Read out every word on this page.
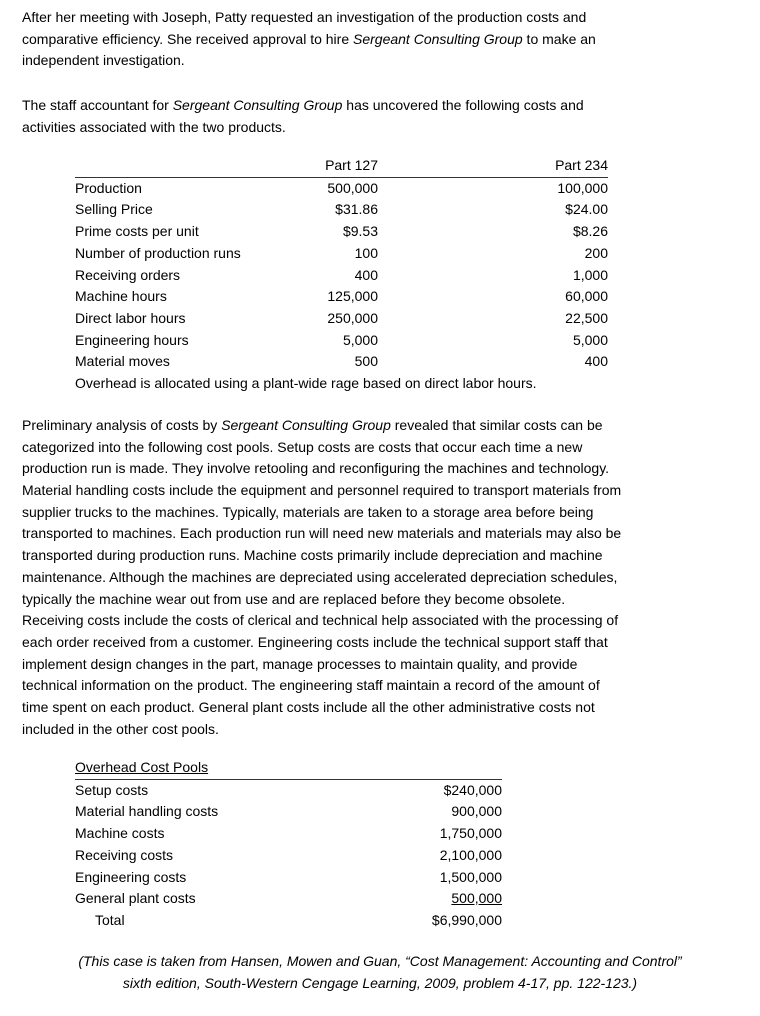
After her meeting with Joseph, Patty requested an investigation of the production costs and
comparative efficiency. She received approval to hire Sergeant Consulting Group to make an
independent investigation.
The staff accountant for Sergeant Consulting Group has uncovered the following costs and
activities associated with the two products.
	Part 127	Part 234
Production	500,000	100,000
Selling Price	$31.86	$24.00
Prime costs per unit	$9.53	$8.26
Number of production runs	100	200
Receiving orders	400	1,000
Machine hours	125,000	60,000
Direct labor hours	250,000	22,500
Engineering hours	5,000	5,000
Material moves	500	400
Overhead is allocated using a plant-wide rage based on direct labor hours.
Preliminary analysis of costs by Sergeant Consulting Group revealed that similar costs can be
categorized into the following cost pools. Setup costs are costs that occur each time a new
production run is made. They involve retooling and reconfiguring the machines and technology.
Material handling costs include the equipment and personnel required to transport materials from
supplier trucks to the machines. Typically, materials are taken to a storage area before being
transported to machines. Each production run will need new materials and materials may also be
transported during production runs. Machine costs primarily include depreciation and machine
maintenance. Although the machines are depreciated using accelerated depreciation schedules,
typically the machine wear out from use and are replaced before they become obsolete.
Receiving costs include the costs of clerical and technical help associated with the processing of
each order received from a customer. Engineering costs include the technical support staff that
implement design changes in the part, manage processes to maintain quality, and provide
technical information on the product. The engineering staff maintain a record of the amount of
time spent on each product. General plant costs include all the other administrative costs not
included in the other cost pools.
Overhead Cost Pools	
Setup costs	$240,000
Material handling costs	900,000
Machine costs	1,750,000
Receiving costs	2,100,000
Engineering costs	1,500,000
General plant costs	500,000
Total	$6,990,000
(This case is taken from Hansen, Mowen and Guan, “Cost Management: Accounting and Control”
sixth edition, South-Western Cengage Learning, 2009, problem 4-17, pp. 122-123.)
